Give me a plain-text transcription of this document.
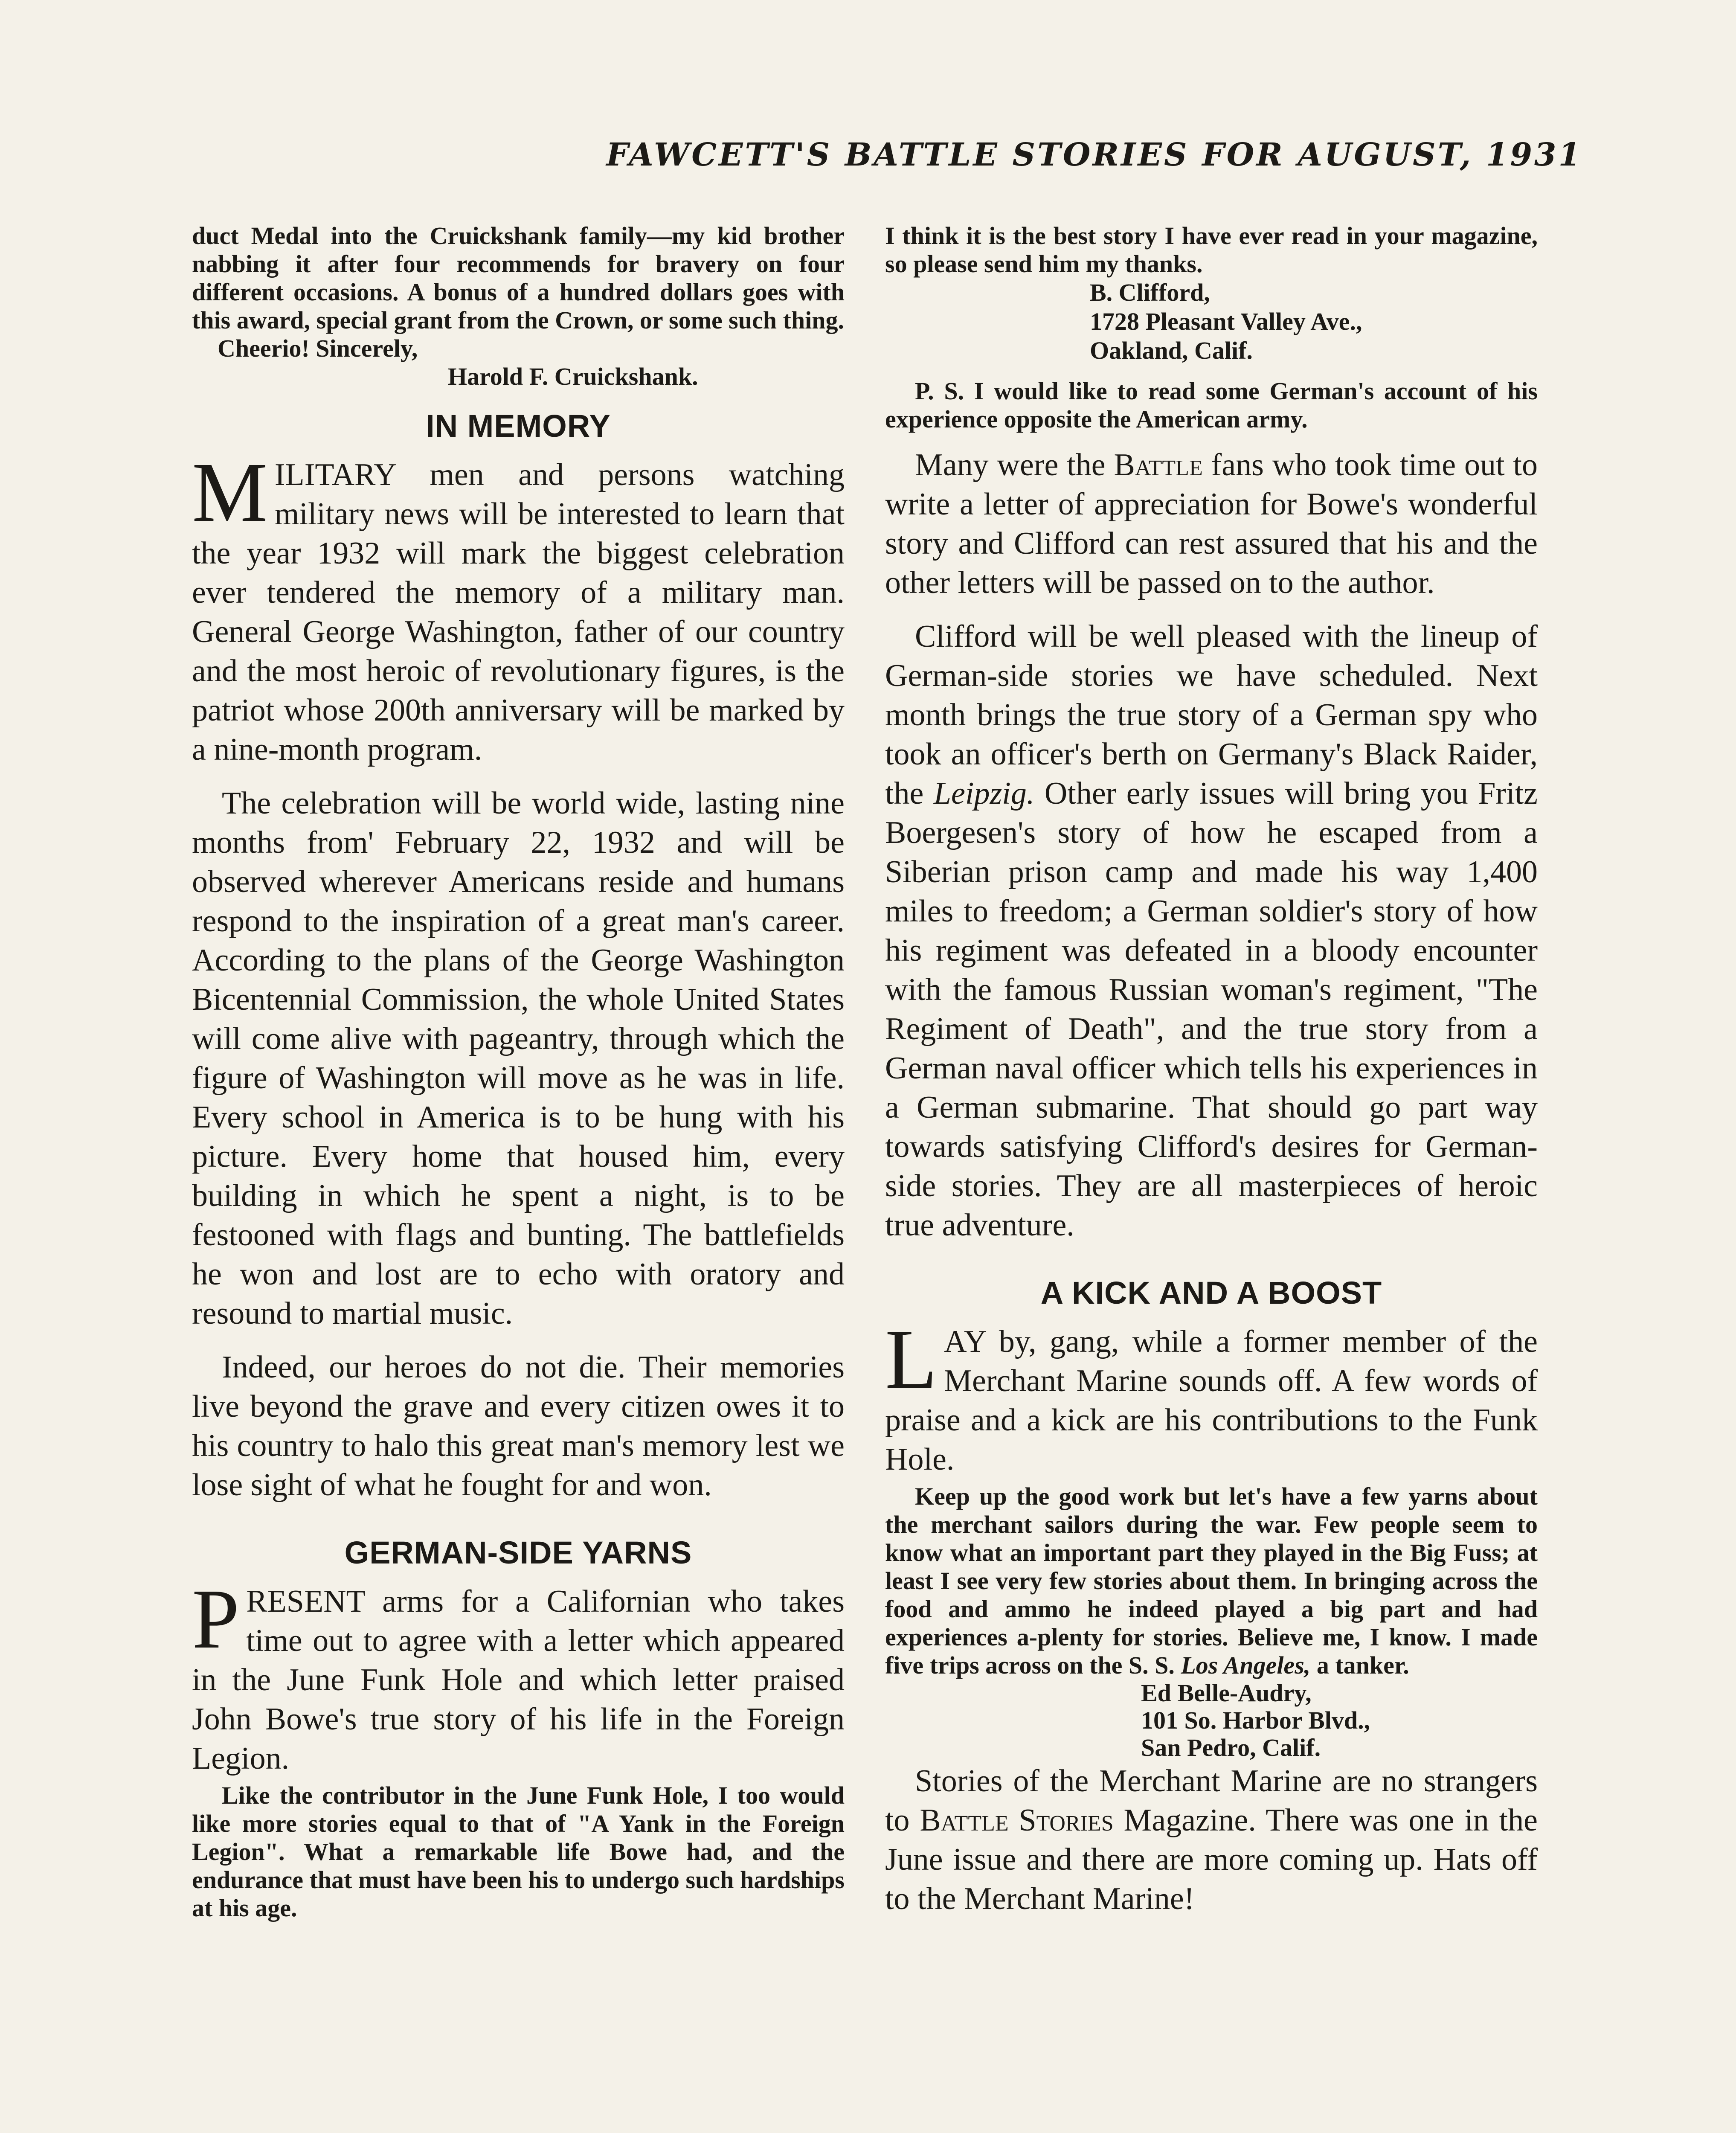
FAWCETT'S BATTLE STORIES FOR AUGUST, 1931

duct Medal into the Cruickshank family—my kid brother nabbing it after four recommends for bravery on four different occasions. A bonus of a hundred dollars goes with this award, special grant from the Crown, or some such thing.
Cheerio! Sincerely,
Harold F. Cruickshank.

IN MEMORY

MILITARY men and persons watching military news will be interested to learn that the year 1932 will mark the biggest celebration ever tendered the memory of a military man. General George Washington, father of our country and the most heroic of revolutionary figures, is the patriot whose 200th anniversary will be marked by a nine-month program.

The celebration will be world wide, lasting nine months from' February 22, 1932 and will be observed wherever Americans reside and humans respond to the inspiration of a great man's career. According to the plans of the George Washington Bicentennial Commission, the whole United States will come alive with pageantry, through which the figure of Washington will move as he was in life. Every school in America is to be hung with his picture. Every home that housed him, every building in which he spent a night, is to be festooned with flags and bunting. The battlefields he won and lost are to echo with oratory and resound to martial music.

Indeed, our heroes do not die. Their memories live beyond the grave and every citizen owes it to his country to halo this great man's memory lest we lose sight of what he fought for and won.

GERMAN-SIDE YARNS

PRESENT arms for a Californian who takes time out to agree with a letter which appeared in the June Funk Hole and which letter praised John Bowe's true story of his life in the Foreign Legion.

Like the contributor in the June Funk Hole, I too would like more stories equal to that of "A Yank in the Foreign Legion". What a remarkable life Bowe had, and the endurance that must have been his to undergo such hardships at his age.

I think it is the best story I have ever read in your magazine, so please send him my thanks.

B. Clifford,
1728 Pleasant Valley Ave.,
Oakland, Calif.

P. S. I would like to read some German's account of his experience opposite the American army.

Many were the Battle fans who took time out to write a letter of appreciation for Bowe's wonderful story and Clifford can rest assured that his and the other letters will be passed on to the author.

Clifford will be well pleased with the lineup of German-side stories we have scheduled. Next month brings the true story of a German spy who took an officer's berth on Germany's Black Raider, the Leipzig. Other early issues will bring you Fritz Boergesen's story of how he escaped from a Siberian prison camp and made his way 1,400 miles to freedom; a German soldier's story of how his regiment was defeated in a bloody encounter with the famous Russian woman's regiment, "The Regiment of Death", and the true story from a German naval officer which tells his experiences in a German submarine. That should go part way towards satisfying Clifford's desires for German-side stories. They are all masterpieces of heroic true adventure.

A KICK AND A BOOST

LAY by, gang, while a former member of the Merchant Marine sounds off. A few words of praise and a kick are his contributions to the Funk Hole.

Keep up the good work but let's have a few yarns about the merchant sailors during the war. Few people seem to know what an important part they played in the Big Fuss; at least I see very few stories about them. In bringing across the food and ammo he indeed played a big part and had experiences a-plenty for stories. Believe me, I know. I made five trips across on the S. S. Los Angeles, a tanker.

Ed Belle-Audry,
101 So. Harbor Blvd.,
San Pedro, Calif.

Stories of the Merchant Marine are no strangers to Battle Stories Magazine. There was one in the June issue and there are more coming up. Hats off to the Merchant Marine!
